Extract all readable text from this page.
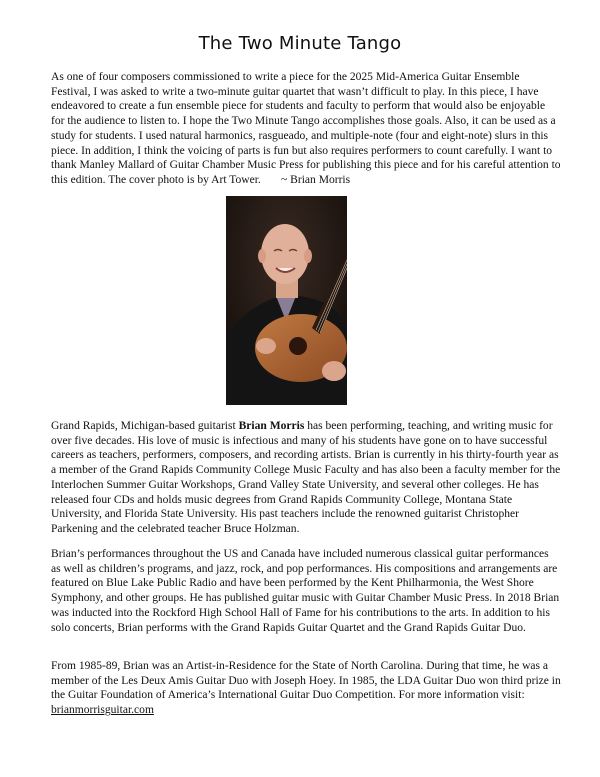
The Two Minute Tango

As one of four composers commissioned to write a piece for the 2025 Mid-America Guitar Ensemble Festival, I was asked to write a two-minute guitar quartet that wasn’t difficult to play. In this piece, I have endeavored to create a fun ensemble piece for students and faculty to perform that would also be enjoyable for the audience to listen to. I hope the Two Minute Tango accomplishes those goals. Also, it can be used as a study for students. I used natural harmonics, rasgueado, and multiple-note (four and eight-note) slurs in this piece. In addition, I think the voicing of parts is fun but also requires performers to count carefully. I want to thank Manley Mallard of Guitar Chamber Music Press for publishing this piece and for his careful attention to this edition. The cover photo is by Art Tower. ~ Brian Morris

Grand Rapids, Michigan-based guitarist Brian Morris has been performing, teaching, and writing music for over five decades. His love of music is infectious and many of his students have gone on to have successful careers as teachers, performers, composers, and recording artists. Brian is currently in his thirty-fourth year as a member of the Grand Rapids Community College Music Faculty and has also been a faculty member for the Interlochen Summer Guitar Workshops, Grand Valley State University, and several other colleges. He has released four CDs and holds music degrees from Grand Rapids Community College, Montana State University, and Florida State University. His past teachers include the renowned guitarist Christopher Parkening and the celebrated teacher Bruce Holzman.

Brian’s performances throughout the US and Canada have included numerous classical guitar performances as well as children’s programs, and jazz, rock, and pop performances. His compositions and arrangements are featured on Blue Lake Public Radio and have been performed by the Kent Philharmonia, the West Shore Symphony, and other groups. He has published guitar music with Guitar Chamber Music Press. In 2018 Brian was inducted into the Rockford High School Hall of Fame for his contributions to the arts. In addition to his solo concerts, Brian performs with the Grand Rapids Guitar Quartet and the Grand Rapids Guitar Duo.

From 1985-89, Brian was an Artist-in-Residence for the State of North Carolina. During that time, he was a member of the Les Deux Amis Guitar Duo with Joseph Hoey. In 1985, the LDA Guitar Duo won third prize in the Guitar Foundation of America’s International Guitar Duo Competition. For more information visit: brianmorrisguitar.com
